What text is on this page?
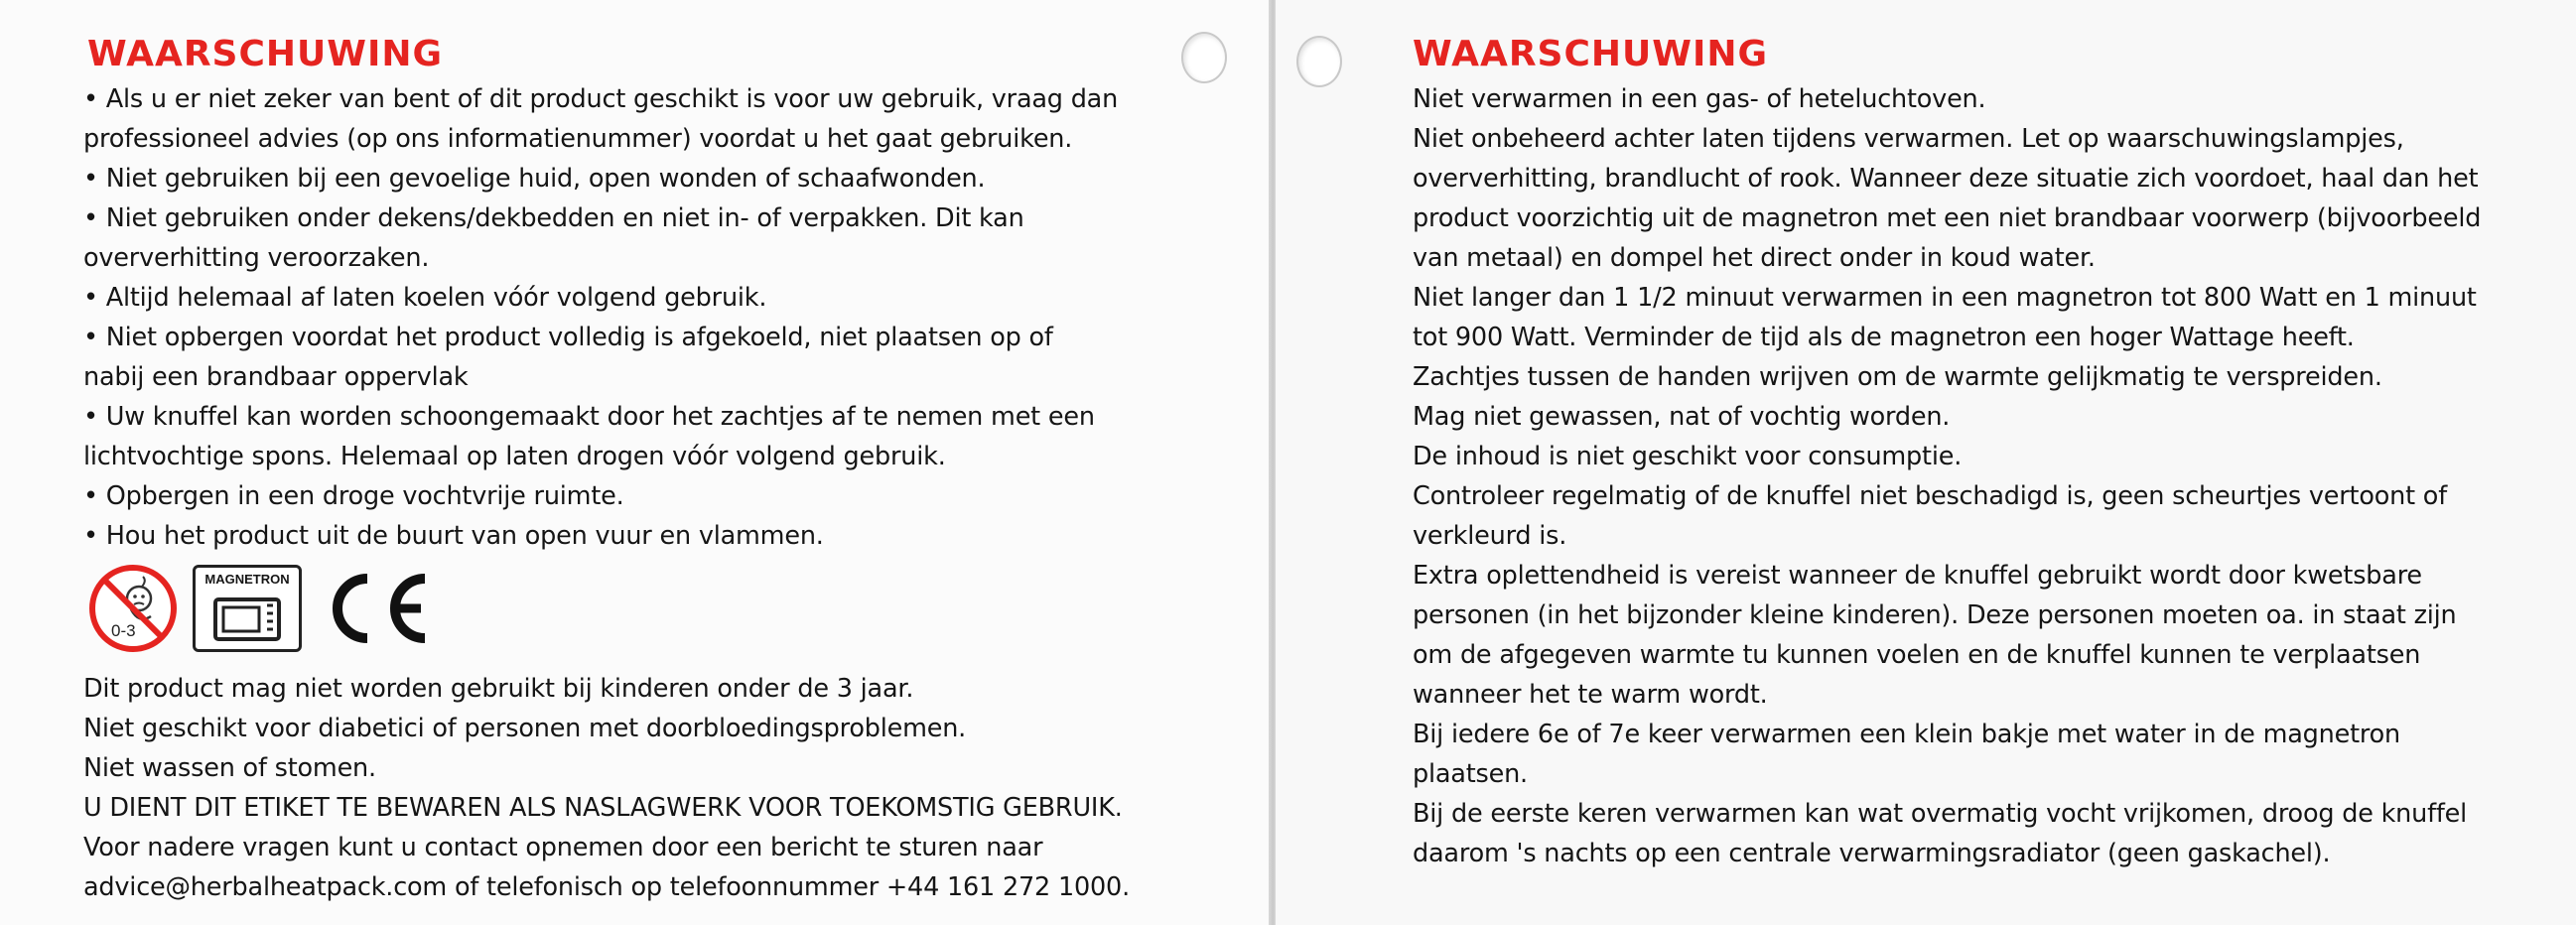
WAARSCHUWING

• Als u er niet zeker van bent of dit product geschikt is voor uw gebruik, vraag dan

professioneel advies (op ons informatienummer) voordat u het gaat gebruiken.

• Niet gebruiken bij een gevoelige huid, open wonden of schaafwonden.

• Niet gebruiken onder dekens/dekbedden en niet in- of verpakken. Dit kan

oververhitting veroorzaken.

• Altijd helemaal af laten koelen vóór volgend gebruik.

• Niet opbergen voordat het product volledig is afgekoeld, niet plaatsen op of

nabij een brandbaar oppervlak

• Uw knuffel kan worden schoongemaakt door het zachtjes af te nemen met een

lichtvochtige spons. Helemaal op laten drogen vóór volgend gebruik.

• Opbergen in een droge vochtvrije ruimte.

• Hou het product uit de buurt van open vuur en vlammen.

0-3
MAGNETRON

Dit product mag niet worden gebruikt bij kinderen onder de 3 jaar.

Niet geschikt voor diabetici of personen met doorbloedingsproblemen.

Niet wassen of stomen.

U DIENT DIT ETIKET TE BEWAREN ALS NASLAGWERK VOOR TOEKOMSTIG GEBRUIK.

Voor nadere vragen kunt u contact opnemen door een bericht te sturen naar

advice@herbalheatpack.com of telefonisch op telefoonnummer +44 161 272 1000.

WAARSCHUWING

Niet verwarmen in een gas- of heteluchtoven.

Niet onbeheerd achter laten tijdens verwarmen. Let op waarschuwingslampjes,

oververhitting, brandlucht of rook. Wanneer deze situatie zich voordoet, haal dan het

product voorzichtig uit de magnetron met een niet brandbaar voorwerp (bijvoorbeeld

van metaal) en dompel het direct onder in koud water.

Niet langer dan 1 1/2 minuut verwarmen in een magnetron tot 800 Watt en 1 minuut

tot 900 Watt. Verminder de tijd als de magnetron een hoger Wattage heeft.

Zachtjes tussen de handen wrijven om de warmte gelijkmatig te verspreiden.

Mag niet gewassen, nat of vochtig worden.

De inhoud is niet geschikt voor consumptie.

Controleer regelmatig of de knuffel niet beschadigd is, geen scheurtjes vertoont of

verkleurd is.

Extra oplettendheid is vereist wanneer de knuffel gebruikt wordt door kwetsbare

personen (in het bijzonder kleine kinderen). Deze personen moeten oa. in staat zijn

om de afgegeven warmte tu kunnen voelen en de knuffel kunnen te verplaatsen

wanneer het te warm wordt.

Bij iedere 6e of 7e keer verwarmen een klein bakje met water in de magnetron

plaatsen.

Bij de eerste keren verwarmen kan wat overmatig vocht vrijkomen, droog de knuffel

daarom 's nachts op een centrale verwarmingsradiator (geen gaskachel).
